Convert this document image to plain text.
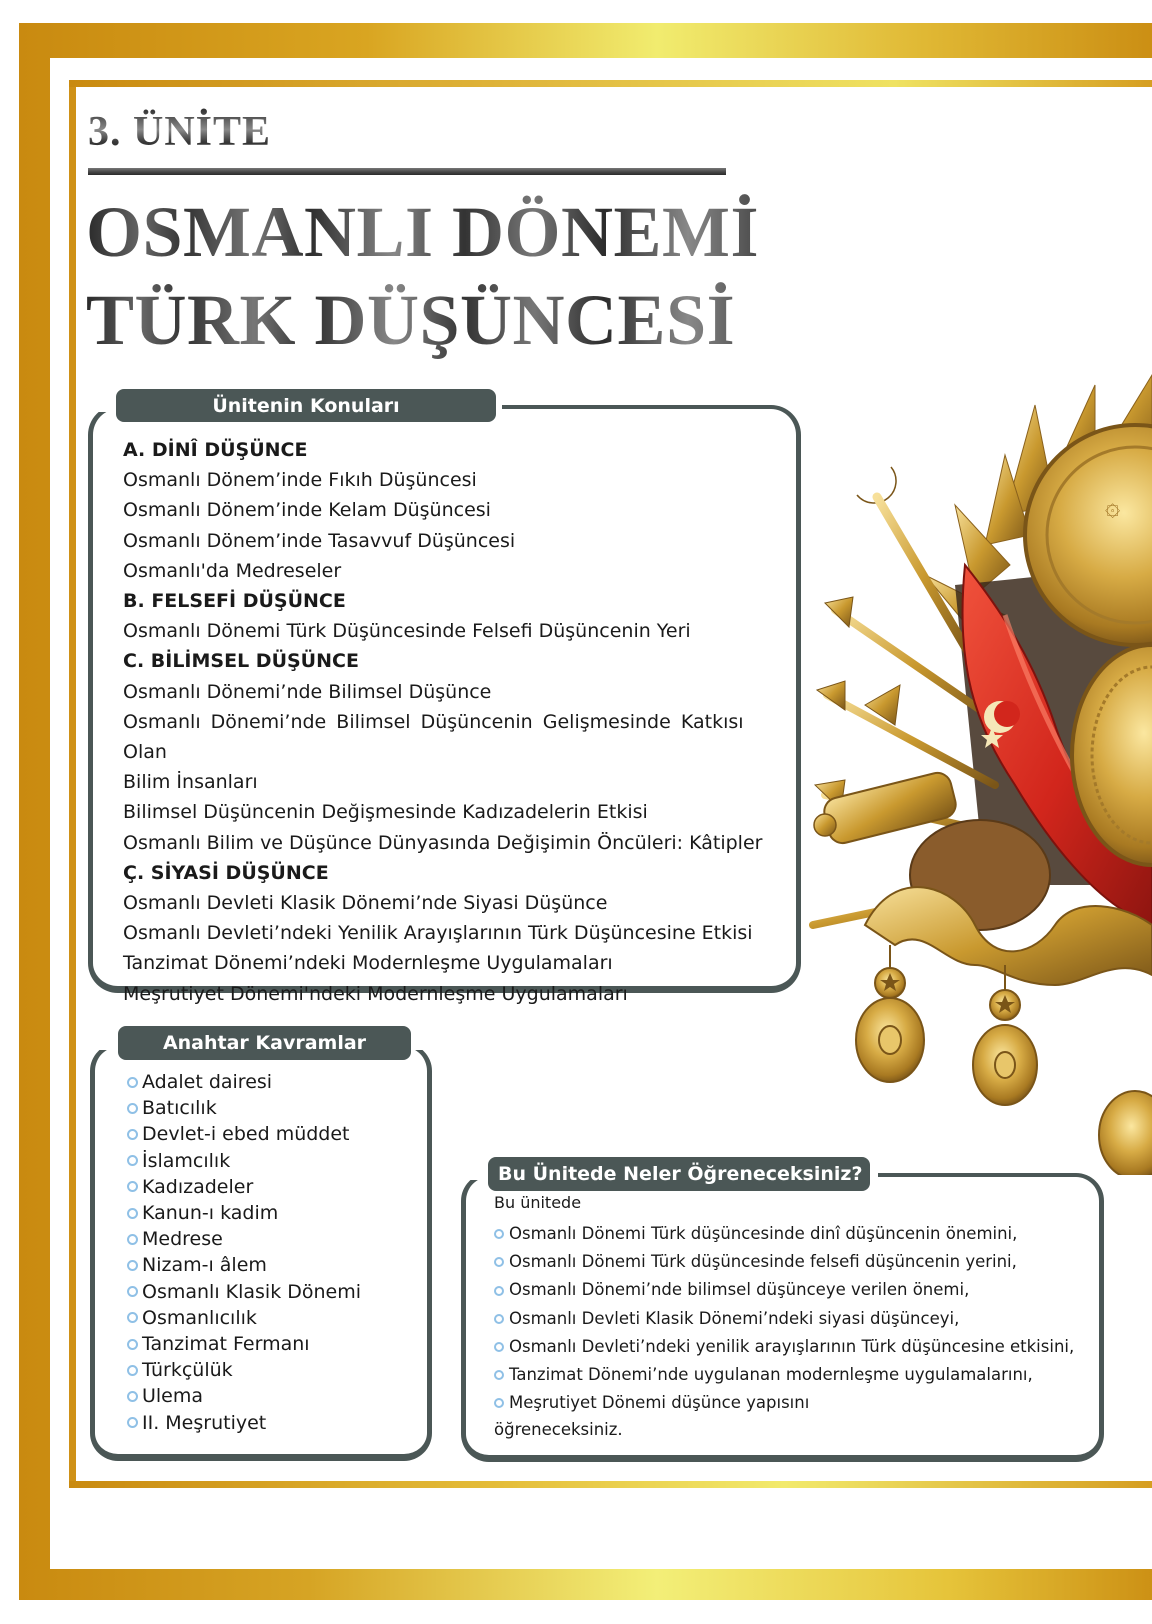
3. ÜNİTE
OSMANLI DÖNEMİ
TÜRK DÜŞÜNCESİ
۞
Ünitenin Konuları
A. DİNÎ DÜŞÜNCE
Osmanlı Dönem’inde Fıkıh Düşüncesi
Osmanlı Dönem’inde Kelam Düşüncesi
Osmanlı Dönem’inde Tasavvuf Düşüncesi
Osmanlı'da Medreseler
B. FELSEFİ DÜŞÜNCE
Osmanlı Dönemi Türk Düşüncesinde Felsefi Düşüncenin Yeri
C. BİLİMSEL DÜŞÜNCE
Osmanlı Dönemi’nde Bilimsel Düşünce
Osmanlı Dönemi’nde Bilimsel Düşüncenin Gelişmesinde Katkısı Olan
Bilim İnsanları
Bilimsel Düşüncenin Değişmesinde Kadızadelerin Etkisi
Osmanlı Bilim ve Düşünce Dünyasında Değişimin Öncüleri: Kâtipler
Ç. SİYASİ DÜŞÜNCE
Osmanlı Devleti Klasik Dönemi’nde Siyasi Düşünce
Osmanlı Devleti’ndeki Yenilik Arayışlarının Türk Düşüncesine Etkisi
Tanzimat Dönemi’ndeki Modernleşme Uygulamaları
Meşrutiyet Dönemi'ndeki Modernleşme Uygulamaları
Anahtar Kavramlar
Adalet dairesi
Batıcılık
Devlet-i ebed müddet
İslamcılık
Kadızadeler
Kanun-ı kadim
Medrese
Nizam-ı âlem
Osmanlı Klasik Dönemi
Osmanlıcılık
Tanzimat Fermanı
Türkçülük
Ulema
II. Meşrutiyet
Bu Ünitede Neler Öğreneceksiniz?
Bu ünitede
Osmanlı Dönemi Türk düşüncesinde dinî düşüncenin önemini,
Osmanlı Dönemi Türk düşüncesinde felsefi düşüncenin yerini,
Osmanlı Dönemi’nde bilimsel düşünceye verilen önemi,
Osmanlı Devleti Klasik Dönemi’ndeki siyasi düşünceyi,
Osmanlı Devleti’ndeki yenilik arayışlarının Türk düşüncesine etkisini,
Tanzimat Dönemi’nde uygulanan modernleşme uygulamalarını,
Meşrutiyet Dönemi düşünce yapısını
öğreneceksiniz.
